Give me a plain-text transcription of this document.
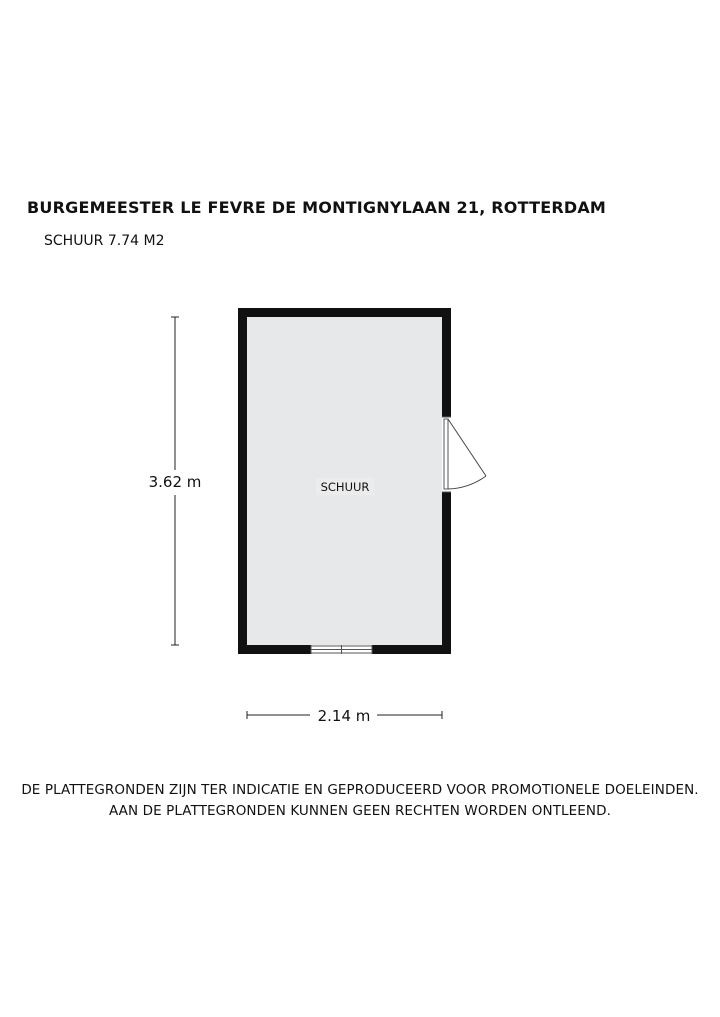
BURGEMEESTER LE FEVRE DE MONTIGNYLAAN 21, ROTTERDAM
SCHUUR 7.74 M2
3.62 m	SCHUUR
2.14 m
DE PLATTEGRONDEN ZIJN TER INDICATIE EN GEPRODUCEERD VOOR PROMOTIONELE DOELEINDEN.
AAN DE PLATTEGRONDEN KUNNEN GEEN RECHTEN WORDEN ONTLEEND.
